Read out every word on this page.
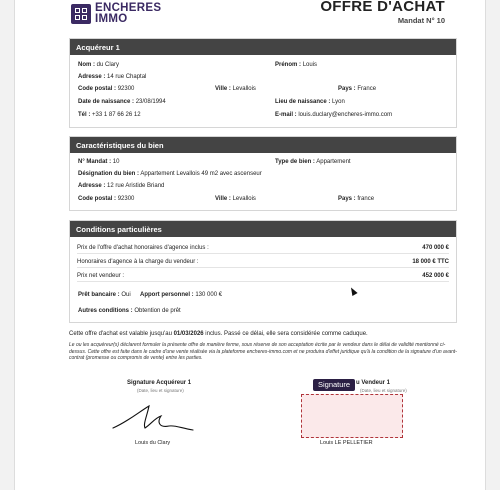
ENCHERES
IMMO
OFFRE D'ACHAT
Mandat N° 10
Acquéreur 1
Nom : du Clary	Prénom : Louis
Adresse : 14 rue Chaptal
Code postal : 92300	Ville : Levallois	Pays : France
Date de naissance : 23/08/1994	Lieu de naissance : Lyon
Tél : +33 1 87 66 26 12	E-mail : louis.duclary@encheres-immo.com
Caractéristiques du bien
N° Mandat : 10	Type de bien : Appartement
Désignation du bien : Appartement Levallois 49 m2 avec ascenseur
Adresse : 12 rue Aristide Briand
Code postal : 92300	Ville : Levallois	Pays : france
Conditions particulières
Prix de l'offre d'achat honoraires d'agence inclus :	470 000 €
Honoraires d'agence à la charge du vendeur :	18 000 € TTC
Prix net vendeur :	452 000 €
Prêt bancaire : Oui Apport personnel : 130 000 €
Autres conditions : Obtention de prêt
Cette offre d'achat est valable jusqu'au 01/03/2026 inclus. Passé ce délai, elle sera considérée comme caduque.
Le ou les acquéreur(s) déclarent formuler la présente offre de manière ferme, sous réserve de son acceptation écrite par le vendeur dans le délai de validité mentionné ci-dessus. Cette offre est faite dans le cadre d'une vente réalisée via la plateforme encheres-immo.com et ne produira d'effet juridique qu'à la condition de la signature d'un avant-contrat (promesse ou compromis de vente) entre les parties.
Signature Acquéreur 1
(Date, lieu et signature)
Louis du Clary
Signature u Vendeur 1
(Date, lieu et signature)
Louis LE PELLETIER
